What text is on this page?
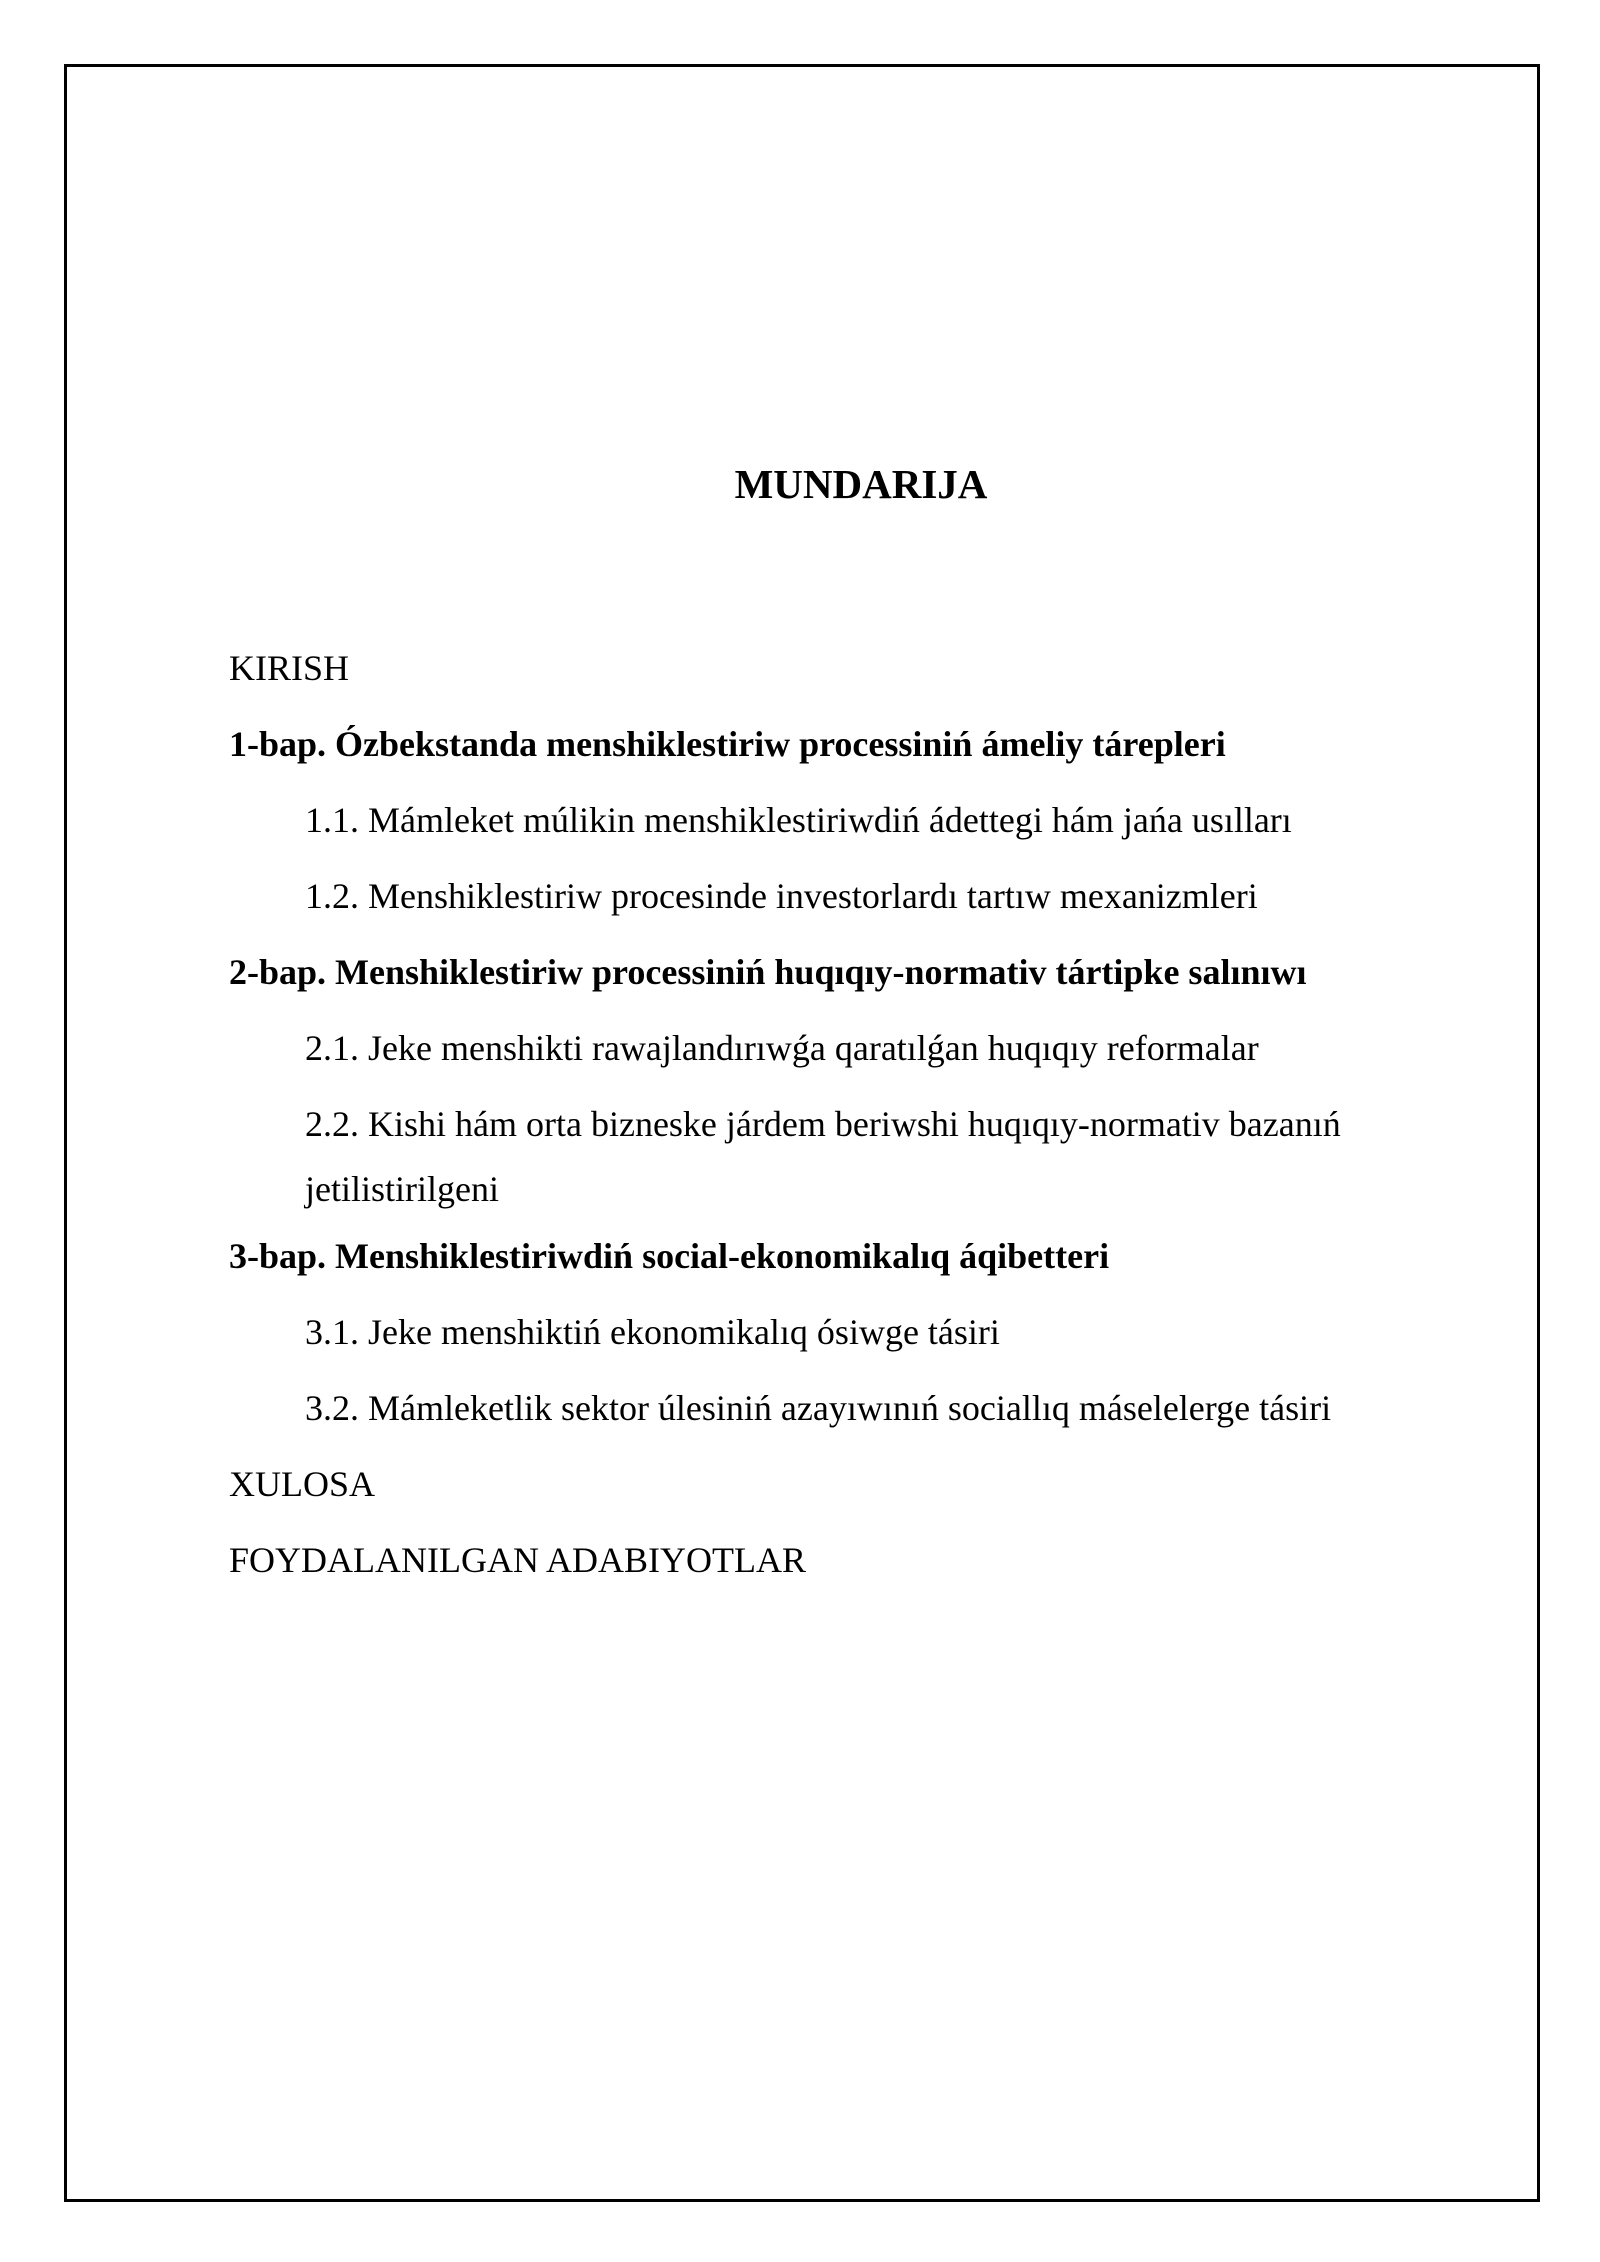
MUNDARIJA
KIRISH
1-bap. Ózbekstanda menshiklestiriw processiniń ámeliy tárepleri
1.1. Mámleket múlikin menshiklestiriwdiń ádettegi hám jańa usılları
1.2. Menshiklestiriw procesinde investorlardı tartıw mexanizmleri
2-bap. Menshiklestiriw processiniń huqıqıy-normativ tártipke salınıwı
2.1. Jeke menshikti rawajlandırıwǵa qaratılǵan huqıqıy reformalar
2.2. Kishi hám orta bizneske járdem beriwshi huqıqıy-normativ bazanıń jetilistirilgeni
3-bap. Menshiklestiriwdiń social-ekonomikalıq áqibetteri
3.1. Jeke menshiktiń ekonomikalıq ósiwge tásiri
3.2. Mámleketlik sektor úlesiniń azayıwınıń sociallıq máselelerge tásiri
XULOSA
FOYDALANILGAN ADABIYOTLAR
